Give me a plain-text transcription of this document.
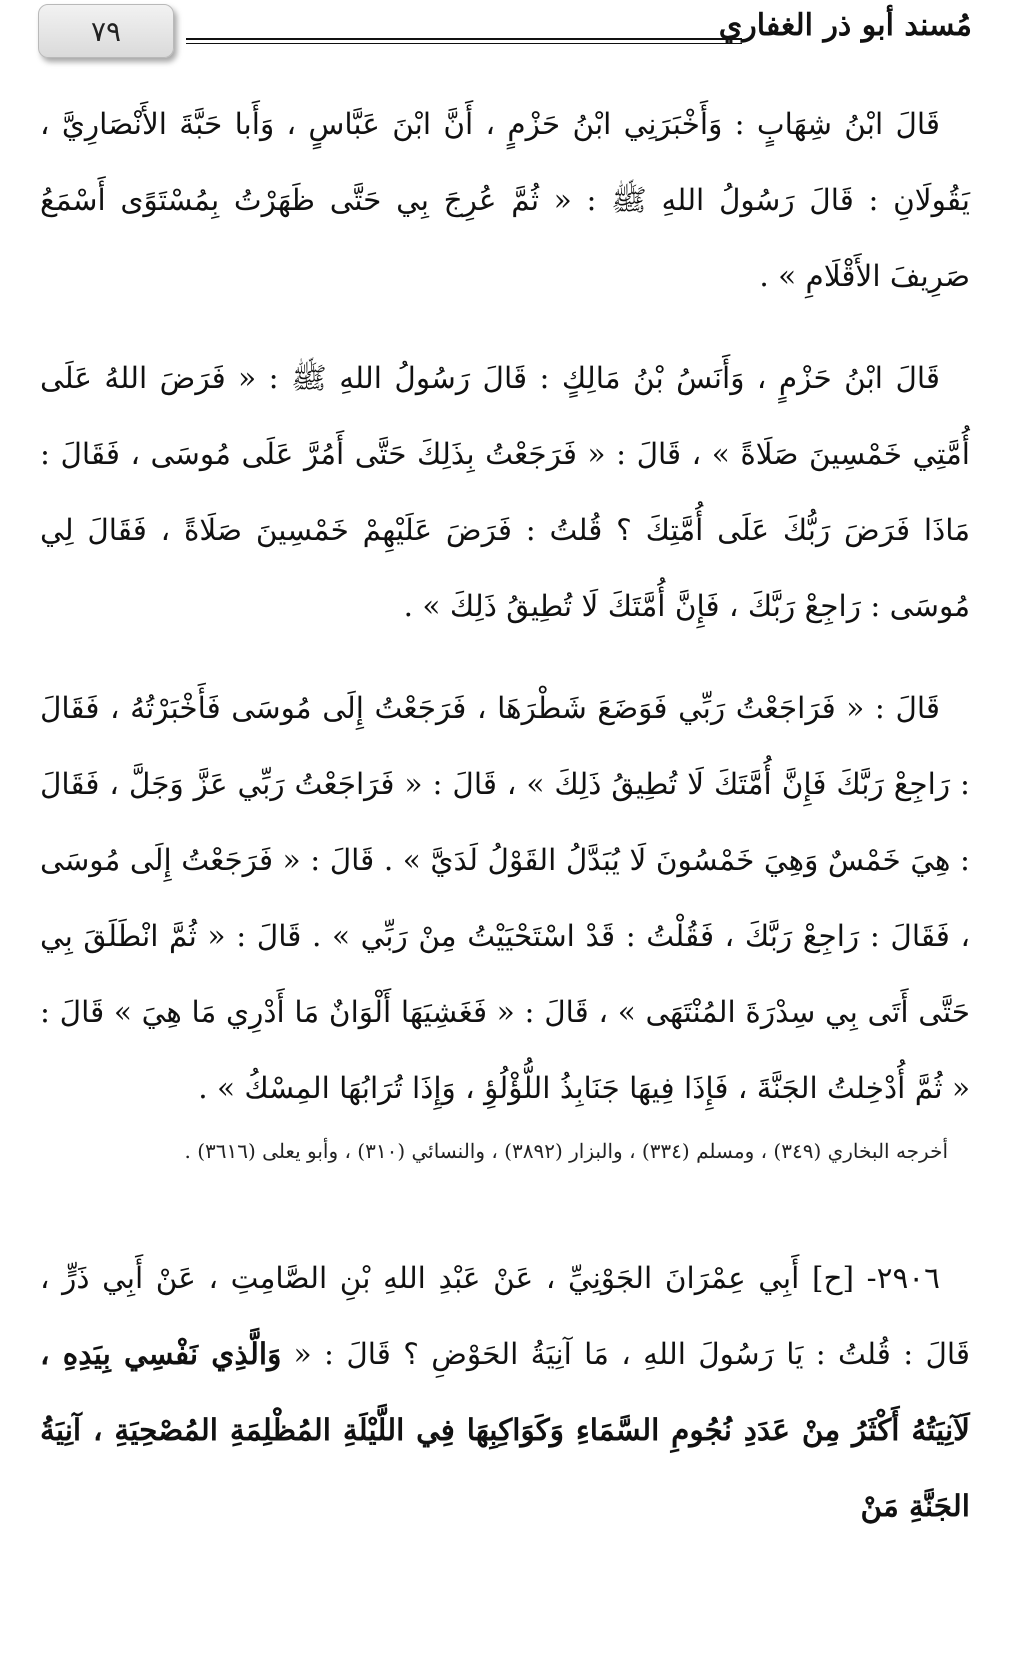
٧٩	مُسند أبو ذر الغفاري

قَالَ ابْنُ شِهَابٍ : وَأَخْبَرَنِي ابْنُ حَزْمٍ ، أَنَّ ابْنَ عَبَّاسٍ ، وَأَبا حَبَّةَ الأَنْصَارِيَّ ، يَقُولَانِ : قَالَ رَسُولُ اللهِ ﷺ : « ثُمَّ عُرِجَ بِي حَتَّى ظَهَرْتُ بِمُسْتَوًى أَسْمَعُ صَرِيفَ الأَقْلَامِ » .

قَالَ ابْنُ حَزْمٍ ، وَأَنَسُ بْنُ مَالِكٍ : قَالَ رَسُولُ اللهِ ﷺ : « فَرَضَ اللهُ عَلَى أُمَّتِي خَمْسِينَ صَلَاةً » ، قَالَ : « فَرَجَعْتُ بِذَلِكَ حَتَّى أَمُرَّ عَلَى مُوسَى ، فَقَالَ : مَاذَا فَرَضَ رَبُّكَ عَلَى أُمَّتِكَ ؟ قُلتُ : فَرَضَ عَلَيْهِمْ خَمْسِينَ صَلَاةً ، فَقَالَ لِي مُوسَى : رَاجِعْ رَبَّكَ ، فَإِنَّ أُمَّتَكَ لَا تُطِيقُ ذَلِكَ » .

قَالَ : « فَرَاجَعْتُ رَبِّي فَوَضَعَ شَطْرَهَا ، فَرَجَعْتُ إِلَى مُوسَى فَأَخْبَرْتُهُ ، فَقَالَ : رَاجِعْ رَبَّكَ فَإِنَّ أُمَّتَكَ لَا تُطِيقُ ذَلِكَ » ، قَالَ : « فَرَاجَعْتُ رَبِّي عَزَّ وَجَلَّ ، فَقَالَ : هِيَ خَمْسٌ وَهِيَ خَمْسُونَ لَا يُبَدَّلُ القَوْلُ لَدَيَّ » . قَالَ : « فَرَجَعْتُ إِلَى مُوسَى ، فَقَالَ : رَاجِعْ رَبَّكَ ، فَقُلْتُ : قَدْ اسْتَحْيَيْتُ مِنْ رَبِّي » . قَالَ : « ثُمَّ انْطَلَقَ بِي حَتَّى أَتَى بِي سِدْرَةَ المُنْتَهَى » ، قَالَ : « فَغَشِيَهَا أَلْوَانٌ مَا أَدْرِي مَا هِيَ » قَالَ : « ثُمَّ أُدْخِلتُ الجَنَّةَ ، فَإِذَا فِيهَا جَنَابِذُ اللُّؤْلُؤِ ، وَإِذَا تُرَابُهَا المِسْكُ » .

أخرجه البخاري (٣٤٩) ، ومسلم (٣٣٤) ، والبزار (٣٨٩٢) ، والنسائي (٣١٠) ، وأبو يعلى (٣٦١٦) .

٢٩٠٦- [ح] أَبِي عِمْرَانَ الجَوْنِيِّ ، عَنْ عَبْدِ اللهِ بْنِ الصَّامِتِ ، عَنْ أَبِي ذَرٍّ ، قَالَ : قُلتُ : يَا رَسُولَ اللهِ ، مَا آنِيَةُ الحَوْضِ ؟ قَالَ : « وَالَّذِي نَفْسِي بِيَدِهِ ، لَآنِيَتُهُ أَكْثَرُ مِنْ عَدَدِ نُجُومِ السَّمَاءِ وَكَوَاكِبِهَا فِي اللَّيْلَةِ المُظْلِمَةِ المُصْحِيَةِ ، آنِيَةُ الجَنَّةِ مَنْ
